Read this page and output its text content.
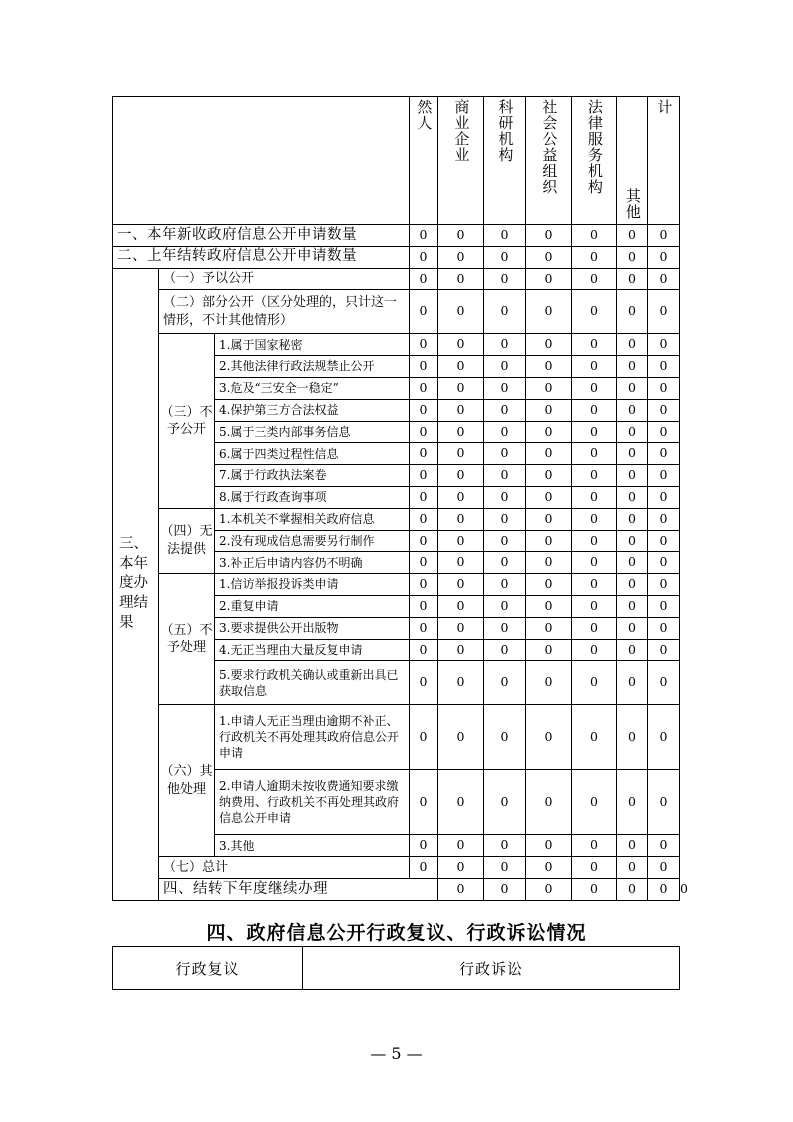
			然人	商业企业	科研机构	社会公益组织	法律服务机构	其他	计	

一、本年新收政府信息公开申请数量			0	0	0	0	0	0	0	
二、上年结转政府信息公开申请数量			0	0	0	0	0	0	0	
三、本年度办理结果	（一）予以公开		0	0	0	0	0	0	0	
	（二）部分公开（区分处理的，只计这一情形，不计其他情形）		0	0	0	0	0	0	0	
	（三）不予公开	1.属于国家秘密	0	0	0	0	0	0	0	
		2.其他法律行政法规禁止公开	0	0	0	0	0	0	0	
		3.危及“三安全一稳定”	0	0	0	0	0	0	0	
		4.保护第三方合法权益	0	0	0	0	0	0	0	
		5.属于三类内部事务信息	0	0	0	0	0	0	0	
		6.属于四类过程性信息	0	0	0	0	0	0	0	
		7.属于行政执法案卷	0	0	0	0	0	0	0	
		8.属于行政查询事项	0	0	0	0	0	0	0	
	（四）无法提供	1.本机关不掌握相关政府信息	0	0	0	0	0	0	0	
		2.没有现成信息需要另行制作	0	0	0	0	0	0	0	
		3.补正后申请内容仍不明确	0	0	0	0	0	0	0	
	（五）不予处理	1.信访举报投诉类申请	0	0	0	0	0	0	0	
		2.重复申请	0	0	0	0	0	0	0	
		3.要求提供公开出版物	0	0	0	0	0	0	0	
		4.无正当理由大量反复申请	0	0	0	0	0	0	0	
		5.要求行政机关确认或重新出具已获取信息	0	0	0	0	0	0	0	
	（六）其他处理	1.申请人无正当理由逾期不补正、行政机关不再处理其政府信息公开申请	0	0	0	0	0	0	0	
		2.申请人逾期未按收费通知要求缴纳费用、行政机关不再处理其政府信息公开申请	0	0	0	0	0	0	0	
		3.其他	0	0	0	0	0	0	0	
	（七）总计		0	0	0	0	0	0	0	
	四、结转下年度继续办理			0	0	0	0	0	0	0
四、政府信息公开行政复议、行政诉讼情况
行政复议	行政诉讼
— 5 —
